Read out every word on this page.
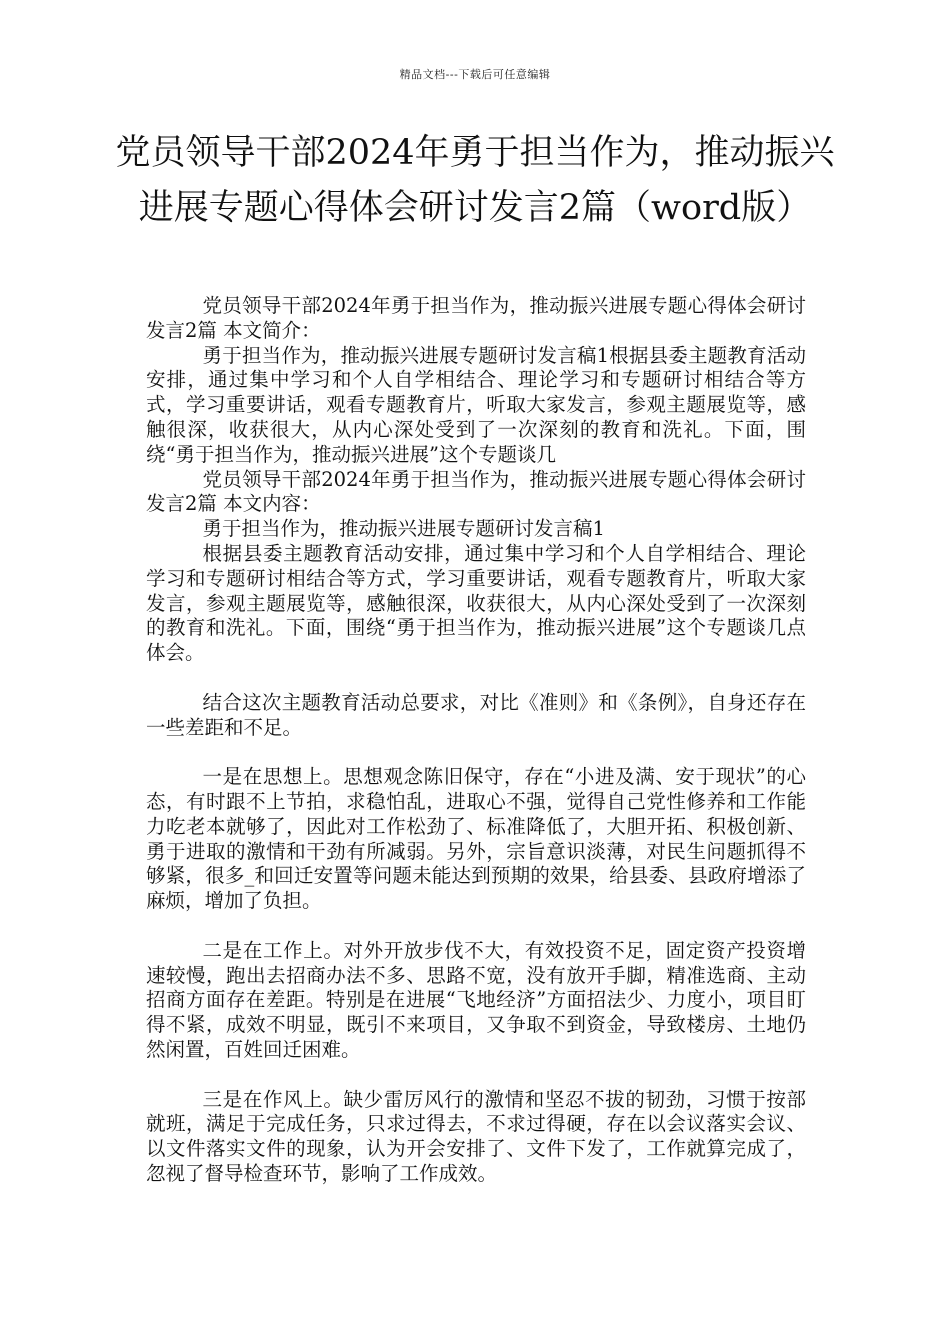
精品文档---下载后可任意编辑
党员领导干部2024年勇于担当作为，推动振兴进展专题心得体会研讨发言2篇（word版）

党员领导干部2024年勇于担当作为，推动振兴进展专题心得体会研讨发言2篇 本文简介：

勇于担当作为，推动振兴进展专题研讨发言稿1根据县委主题教育活动安排，通过集中学习和个人自学相结合、理论学习和专题研讨相结合等方式，学习重要讲话，观看专题教育片，听取大家发言，参观主题展览等，感触很深，收获很大，从内心深处受到了一次深刻的教育和洗礼。下面，围绕“勇于担当作为，推动振兴进展”这个专题谈几

党员领导干部2024年勇于担当作为，推动振兴进展专题心得体会研讨发言2篇 本文内容：

勇于担当作为，推动振兴进展专题研讨发言稿1

根据县委主题教育活动安排，通过集中学习和个人自学相结合、理论学习和专题研讨相结合等方式，学习重要讲话，观看专题教育片，听取大家发言，参观主题展览等，感触很深，收获很大，从内心深处受到了一次深刻的教育和洗礼。下面，围绕“勇于担当作为，推动振兴进展”这个专题谈几点体会。

结合这次主题教育活动总要求，对比《准则》和《条例》，自身还存在一些差距和不足。

一是在思想上。思想观念陈旧保守，存在“小进及满、安于现状”的心态，有时跟不上节拍，求稳怕乱，进取心不强，觉得自己党性修养和工作能力吃老本就够了，因此对工作松劲了、标准降低了，大胆开拓、积极创新、勇于进取的激情和干劲有所减弱。另外，宗旨意识淡薄，对民生问题抓得不够紧，很多_和回迁安置等问题未能达到预期的效果，给县委、县政府增添了麻烦，增加了负担。

二是在工作上。对外开放步伐不大，有效投资不足，固定资产投资增速较慢，跑出去招商办法不多、思路不宽，没有放开手脚，精准选商、主动招商方面存在差距。特别是在进展“飞地经济”方面招法少、力度小，项目盯得不紧，成效不明显，既引不来项目，又争取不到资金，导致楼房、土地仍然闲置，百姓回迁困难。

三是在作风上。缺少雷厉风行的激情和坚忍不拔的韧劲，习惯于按部就班，满足于完成任务，只求过得去，不求过得硬，存在以会议落实会议、以文件落实文件的现象，认为开会安排了、文件下发了，工作就算完成了，忽视了督导检查环节，影响了工作成效。
